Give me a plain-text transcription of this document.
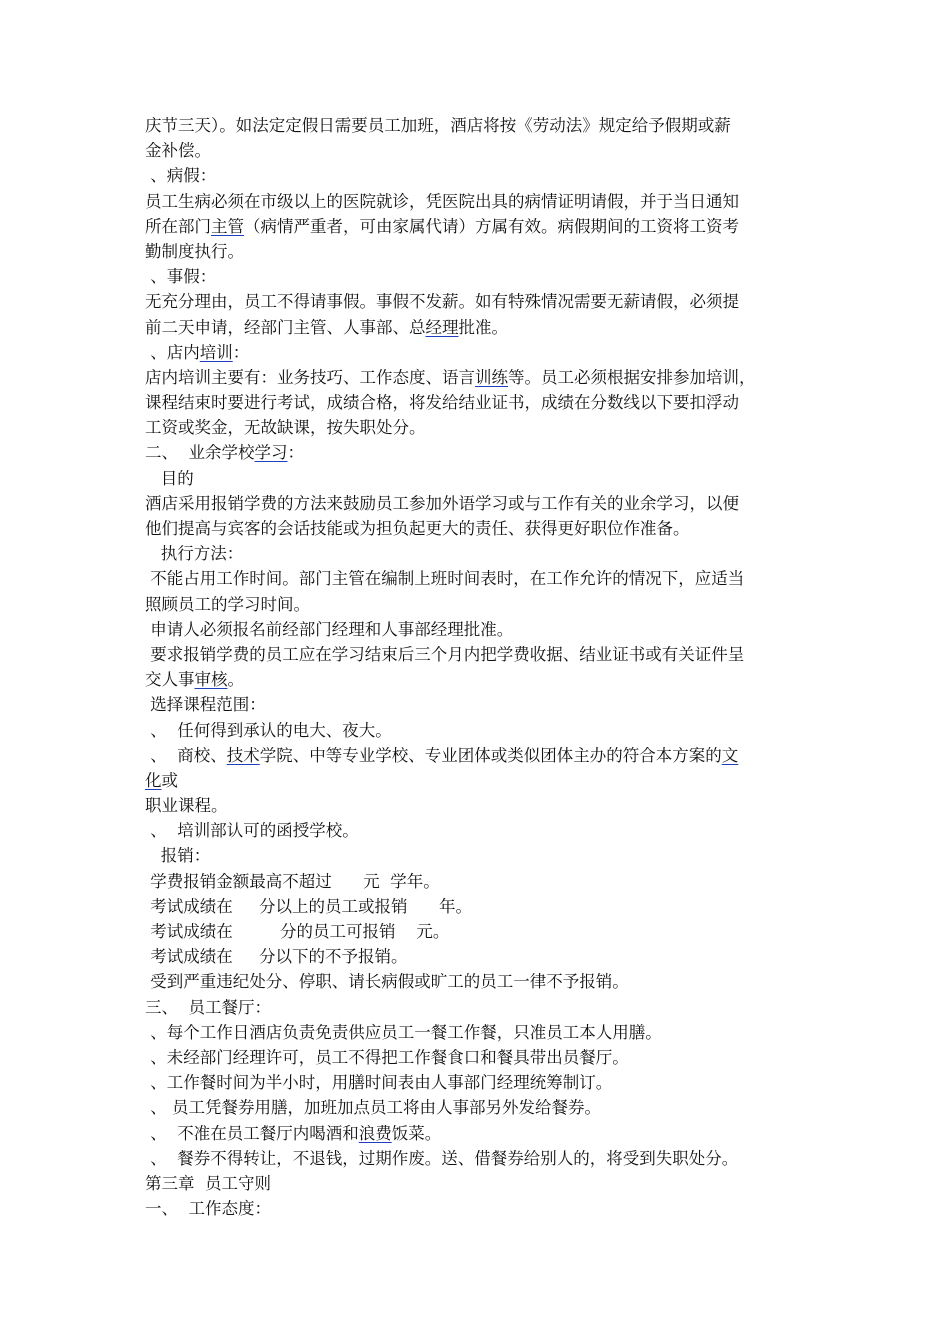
庆节三天）。如法定定假日需要员工加班，酒店将按《劳动法》规定给予假期或薪
金补偿。
、病假：
员工生病必须在市级以上的医院就诊，凭医院出具的病情证明请假，并于当日通知
所在部门主管（病情严重者，可由家属代请）方属有效。病假期间的工资将工资考
勤制度执行。
、事假：
无充分理由，员工不得请事假。事假不发薪。如有特殊情况需要无薪请假，必须提
前二天申请，经部门主管、人事部、总经理批准。
、店内培训：
店内培训主要有：业务技巧、工作态度、语言训练等。员工必须根据安排参加培训，
课程结束时要进行考试，成绩合格，将发给结业证书，成绩在分数线以下要扣浮动
工资或奖金，无故缺课，按失职处分。
二、  业余学校学习：
目的
酒店采用报销学费的方法来鼓励员工参加外语学习或与工作有关的业余学习，以便
他们提高与宾客的会话技能或为担负起更大的责任、获得更好职位作准备。
执行方法：
不能占用工作时间。部门主管在编制上班时间表时，在工作允许的情况下，应适当
照顾员工的学习时间。
申请人必须报名前经部门经理和人事部经理批准。
要求报销学费的员工应在学习结束后三个月内把学费收据、结业证书或有关证件呈
交人事审核。
选择课程范围：
、  任何得到承认的电大、夜大。
、  商校、技术学院、中等专业学校、专业团体或类似团体主办的符合本方案的文
化或
职业课程。
、  培训部认可的函授学校。
报销：
学费报销金额最高不超过      元  学年。
考试成绩在     分以上的员工或报销      年。
考试成绩在         分的员工可报销    元。
考试成绩在     分以下的不予报销。
受到严重违纪处分、停职、请长病假或旷工的员工一律不予报销。
三、  员工餐厅：
、每个工作日酒店负责免责供应员工一餐工作餐，只准员工本人用膳。
、未经部门经理许可，员工不得把工作餐食口和餐具带出员餐厅。
、工作餐时间为半小时，用膳时间表由人事部门经理统筹制订。
、 员工凭餐券用膳，加班加点员工将由人事部另外发给餐券。
、  不准在员工餐厅内喝酒和浪费饭菜。
、  餐券不得转让，不退钱，过期作废。送、借餐券给别人的，将受到失职处分。
第三章  员工守则
一、  工作态度：
